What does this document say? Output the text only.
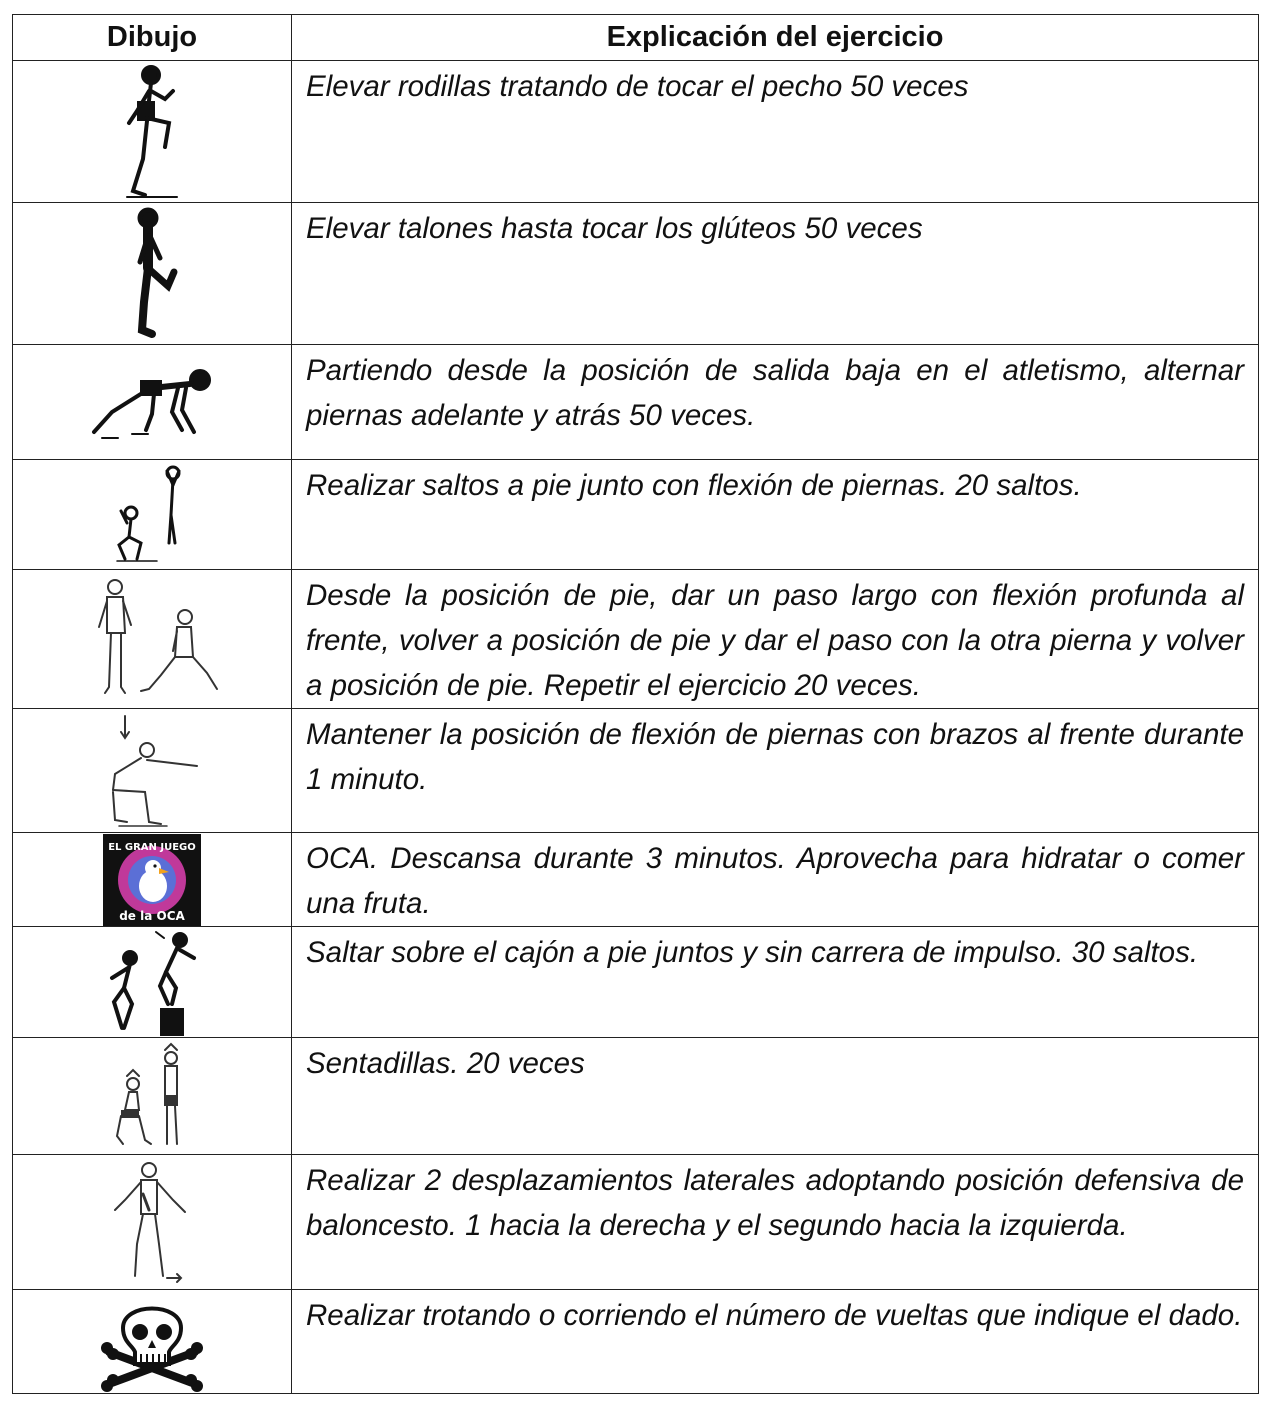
Dibujo	Explicación del ejercicio

	Elevar rodillas tratando de tocar el pecho 50 veces

	Elevar talones hasta tocar los glúteos 50 veces

	Partiendo desde la posición de salida baja en el atletismo, alternar piernas adelante y atrás 50 veces.

	Realizar saltos a pie junto con flexión de piernas. 20 saltos.

	Desde la posición de pie, dar un paso largo con flexión profunda al frente, volver a posición de pie y dar el paso con la otra pierna y volver a posición de pie. Repetir el ejercicio 20 veces.

	Mantener la posición de flexión de piernas con brazos al frente durante 1 minuto.

EL GRAN JUEGO
de la OCA	OCA. Descansa durante 3 minutos. Aprovecha para hidratar o comer una fruta.

	Saltar sobre el cajón a pie juntos y sin carrera de impulso. 30 saltos.

	Sentadillas. 20 veces

	Realizar 2 desplazamientos laterales adoptando posición defensiva de baloncesto. 1 hacia la derecha y el segundo hacia la izquierda.

	Realizar trotando o corriendo el número de vueltas que indique el dado.
